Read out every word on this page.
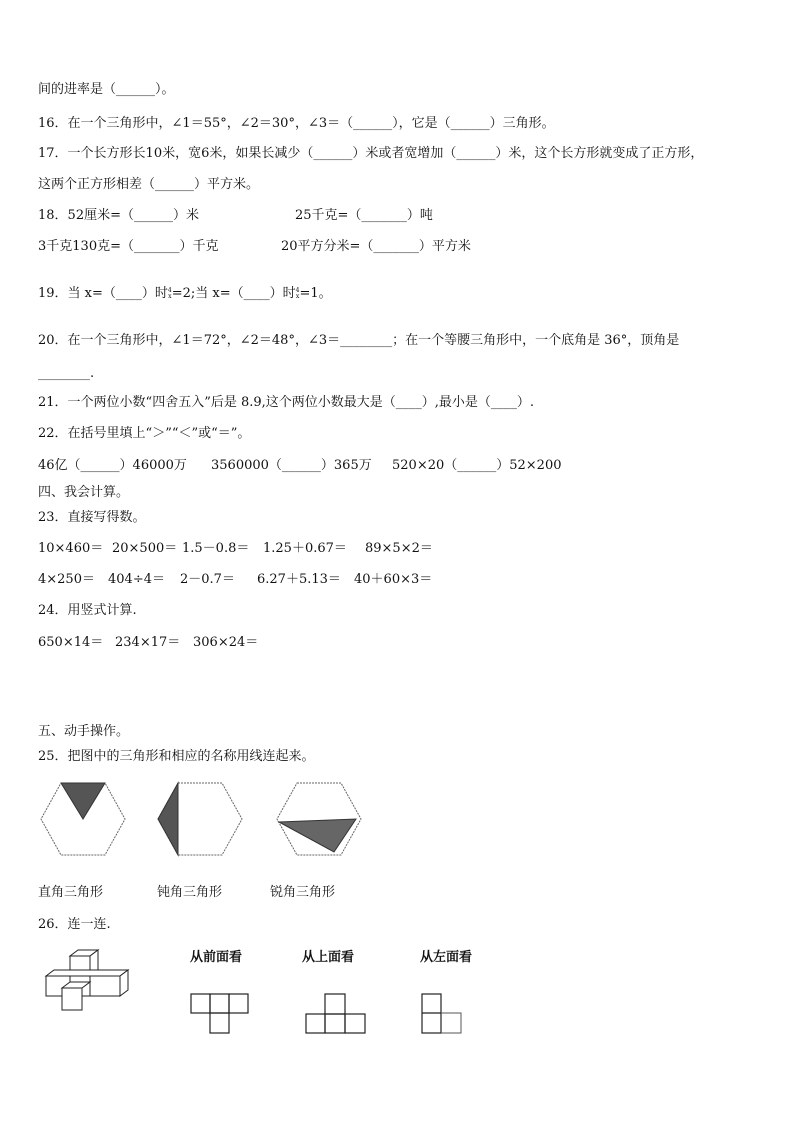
间的进率是（______）。
16．在一个三角形中，∠1＝55°，∠2＝30°，∠3＝（______），它是（______）三角形。
17．一个长方形长10米，宽6米，如果长减少（______）米或者宽增加（______）米，这个长方形就变成了正方形，
这两个正方形相差（______）平方米。
18．52厘米=（______）米	25千克=（_______）吨
3千克130克=（_______）千克	20平方分米=（_______）平方米
19．当 x=（____）时4
x=2;当 x=（____）时4
x=1。
20．在一个三角形中，∠1＝72°，∠2＝48°，∠3＝________；在一个等腰三角形中，一个底角是 36°，顶角是
________.
21．一个两位小数“四舍五入”后是 8.9,这个两位小数最大是（____）,最小是（____）.
22．在括号里填上“＞”“＜”或“＝”。
46亿（______）46000万 3560000（______）365万 520×20（______）52×200
四、我会计算。
23．直接写得数。
10×460＝ 20×500＝ 1.5－0.8＝ 1.25＋0.67＝ 89×5×2＝
4×250＝ 404÷4＝ 2－0.7＝ 6.27＋5.13＝ 40＋60×3＝
24．用竖式计算.
650×14＝ 234×17＝ 306×24＝
五、动手操作。
25．把图中的三角形和相应的名称用线连起来。
直角三角形	钝角三角形	锐角三角形
26．连一连.
从前面看	从上面看	从左面看
